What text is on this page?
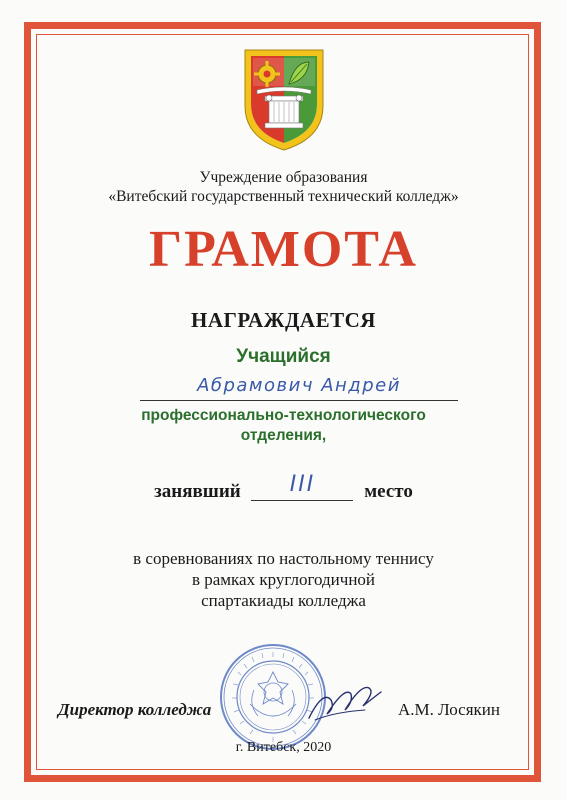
Учреждение образования
«Витебский государственный технический колледж»
ГРАМОТА
НАГРАЖДАЕТСЯ
Учащийся
Абрамович Андрей
профессионально-технологического
отделения,
занявший	III	место
в соревнованиях по настольному теннису
в рамках круглогодичной
спартакиады колледжа
Директор колледжа	А.М. Лосякин
г. Витебск, 2020
